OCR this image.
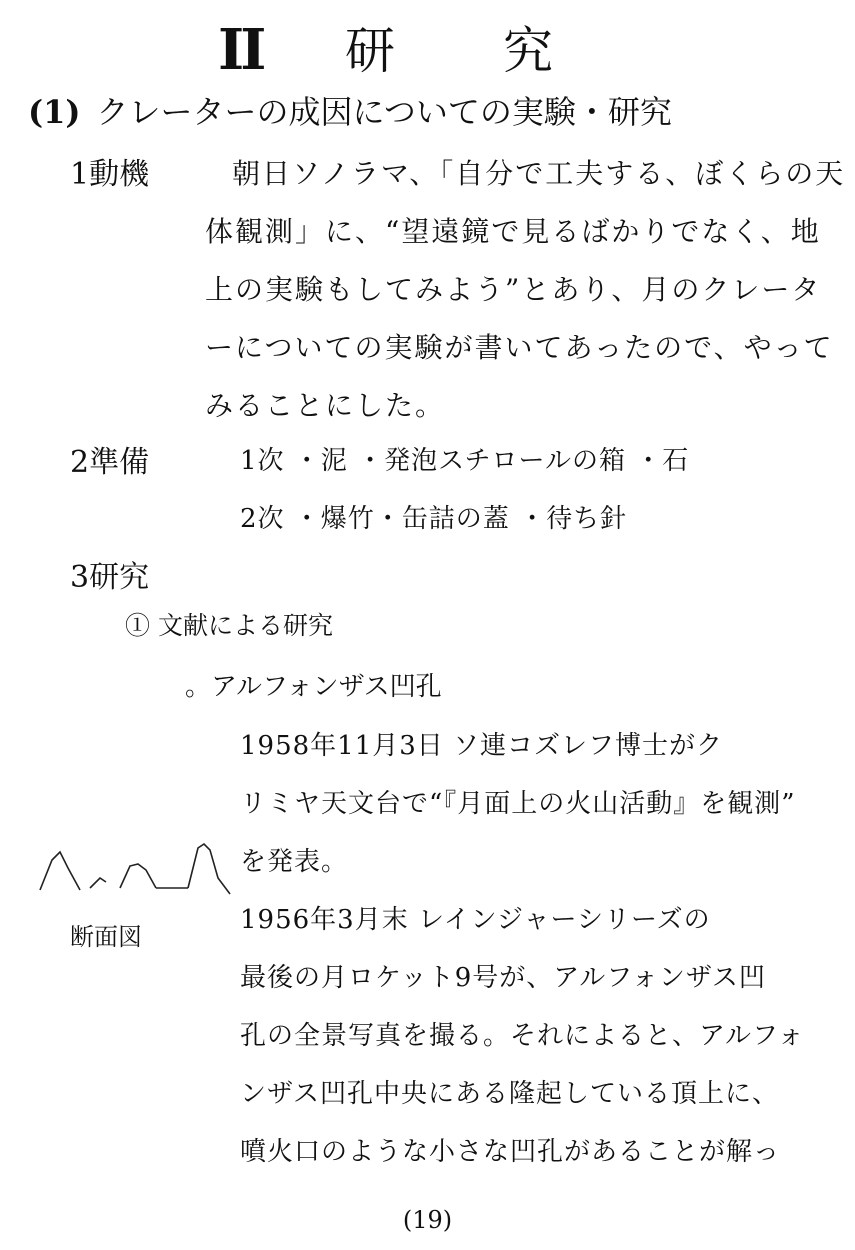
II 研究
(1) クレーターの成因についての実験・研究
1動機	朝日ソノラマ、「自分で工夫する、ぼくらの天
体観測」に、“望遠鏡で見るばかりでなく、地
上の実験もしてみよう”とあり、月のクレータ
ーについての実験が書いてあったので、やって
みることにした。
2準備	1次 ・泥 ・発泡スチロールの箱 ・石
2次 ・爆竹・缶詰の蓋 ・待ち針
3研究
① 文献による研究
。アルフォンザス凹孔
1958年11月3日 ソ連コズレフ博士がク
リミヤ天文台で“『月面上の火山活動』を観測”
を発表。
1956年3月末 レインジャーシリーズの
最後の月ロケット9号が、アルフォンザス凹
孔の全景写真を撮る。それによると、アルフォ
ンザス凹孔中央にある隆起している頂上に、
噴火口のような小さな凹孔があることが解っ
断面図
(19)
